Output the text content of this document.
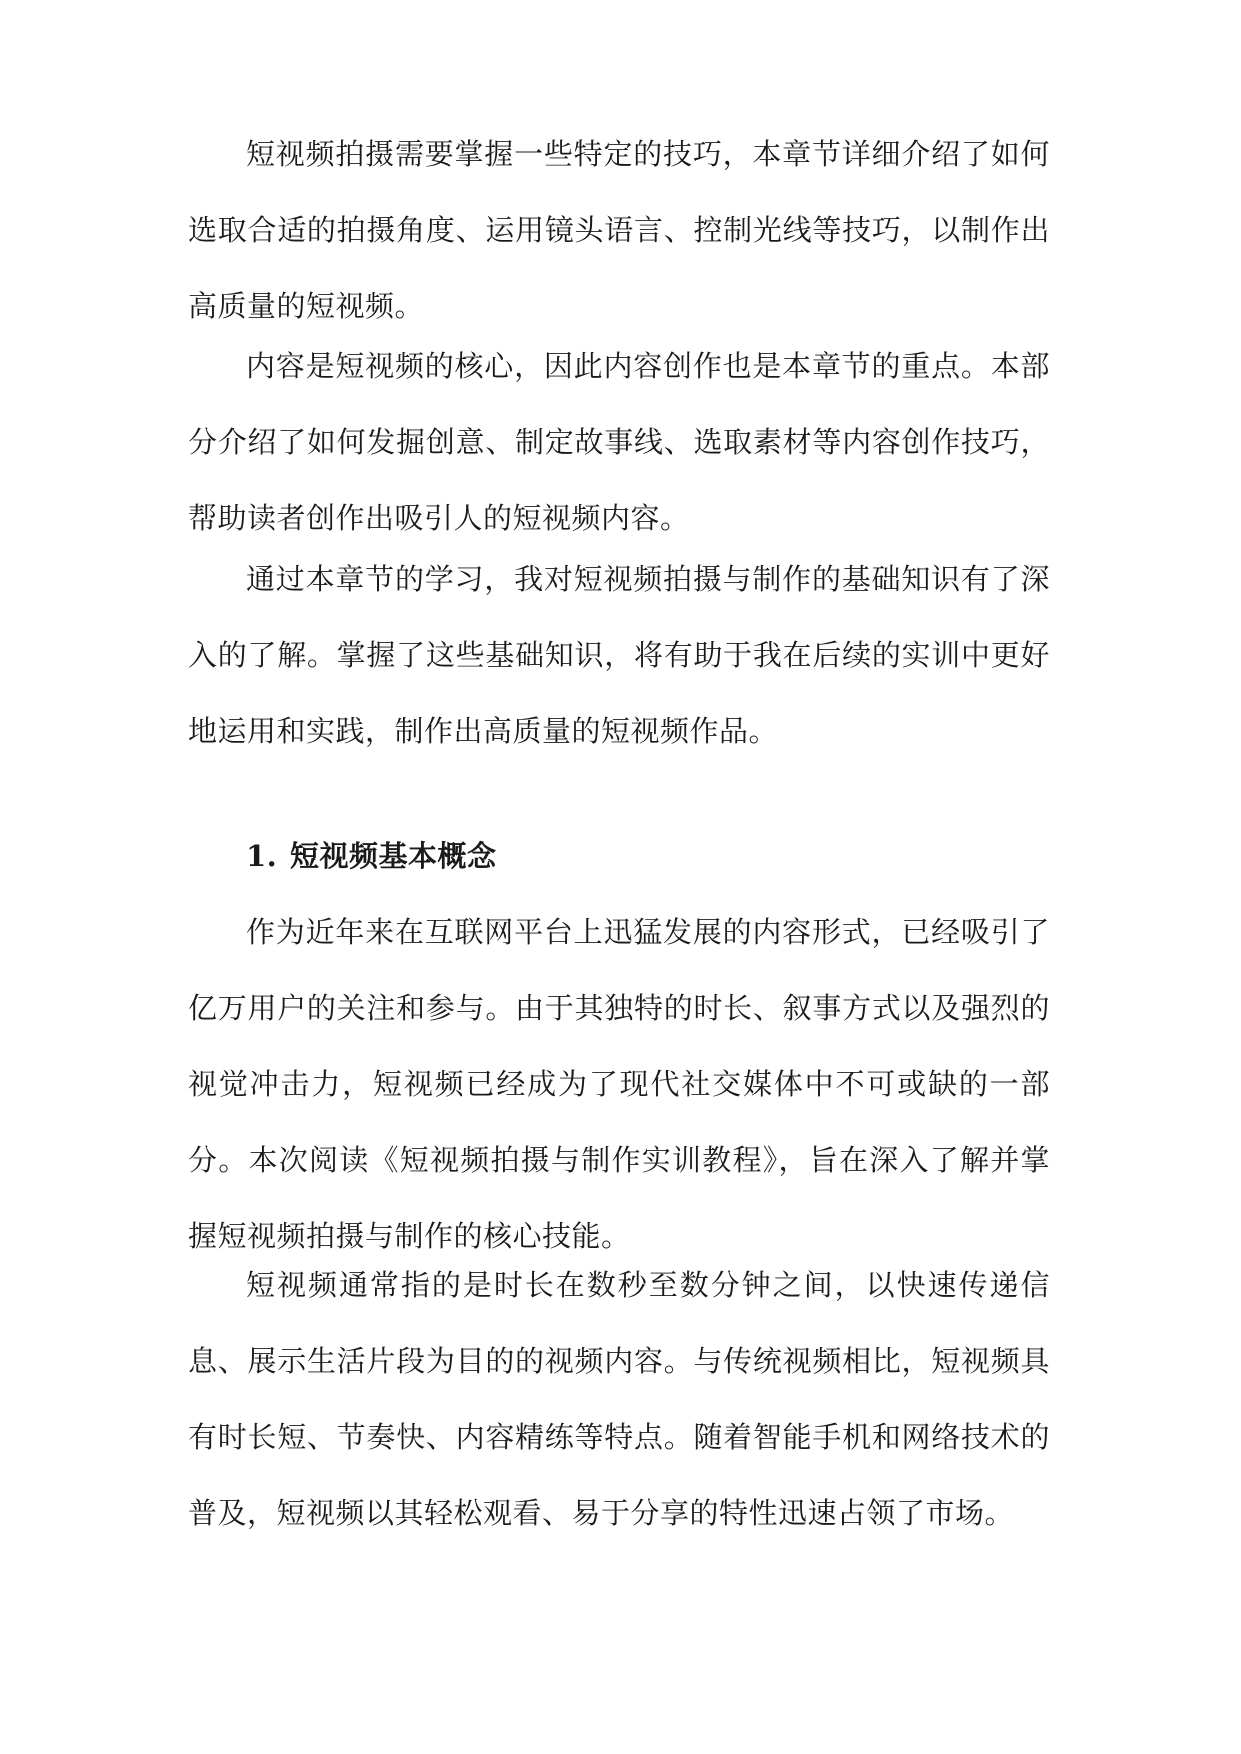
短视频拍摄需要掌握一些特定的技巧，本章节详细介绍了如何选取合适的拍摄角度、运用镜头语言、控制光线等技巧，以制作出高质量的短视频。

内容是短视频的核心，因此内容创作也是本章节的重点。本部分介绍了如何发掘创意、制定故事线、选取素材等内容创作技巧，帮助读者创作出吸引人的短视频内容。

通过本章节的学习，我对短视频拍摄与制作的基础知识有了深入的了解。掌握了这些基础知识，将有助于我在后续的实训中更好地运用和实践，制作出高质量的短视频作品。

1. 短视频基本概念

作为近年来在互联网平台上迅猛发展的内容形式，已经吸引了亿万用户的关注和参与。由于其独特的时长、叙事方式以及强烈的视觉冲击力，短视频已经成为了现代社交媒体中不可或缺的一部分。本次阅读《短视频拍摄与制作实训教程》，旨在深入了解并掌握短视频拍摄与制作的核心技能。

短视频通常指的是时长在数秒至数分钟之间，以快速传递信息、展示生活片段为目的的视频内容。与传统视频相比，短视频具有时长短、节奏快、内容精练等特点。随着智能手机和网络技术的普及，短视频以其轻松观看、易于分享的特性迅速占领了市场。
